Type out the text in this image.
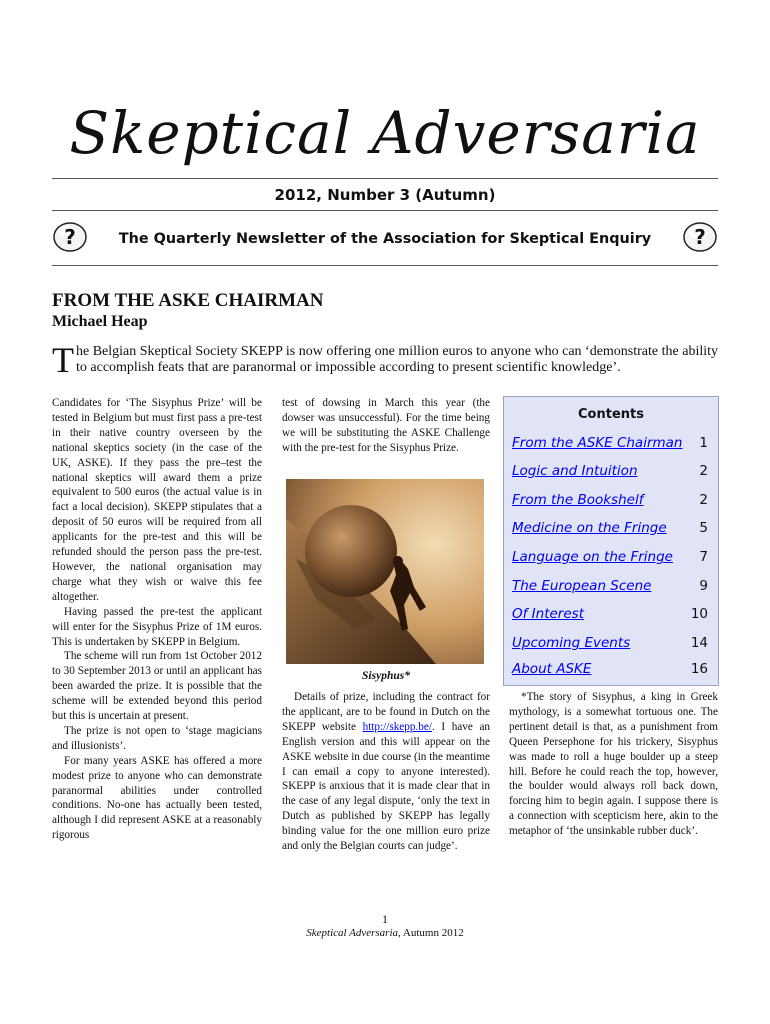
Skeptical Adversaria
2012, Number 3 (Autumn)
?	The Quarterly Newsletter of the Association for Skeptical Enquiry	?
FROM THE ASKE CHAIRMAN
Michael Heap
T he Belgian Skeptical Society SKEPP is now offering one million euros to anyone who can ‘demonstrate the ability to accomplish feats that are paranormal or impossible according to present scientific knowledge’.

Candidates for ‘The Sisyphus Prize’ will be tested in Belgium but must first pass a pre-test in their native country overseen by the national skeptics society (in the case of the UK, ASKE). If they pass the pre–test the national skeptics will award them a prize equivalent to 500 euros (the actual value is in fact a local decision). SKEPP stipulates that a deposit of 50 euros will be required from all applicants for the pre-test and this will be refunded should the person pass the pre-test. However, the national organisation may charge what they wish or waive this fee altogether.

Having passed the pre-test the applicant will enter for the Sisyphus Prize of 1M euros. This is undertaken by SKEPP in Belgium.

The scheme will run from 1st October 2012 to 30 September 2013 or until an applicant has been awarded the prize. It is possible that the scheme will be extended beyond this period but this is uncertain at present.

The prize is not open to ‘stage magicians and illusionists’.

For many years ASKE has offered a more modest prize to anyone who can demonstrate paranormal abilities under controlled conditions. No-one has actually been tested, although I did represent ASKE at a reasonably rigorous

test of dowsing in March this year (the dowser was unsuccessful). For the time being we will be substituting the ASKE Challenge with the pre-test for the Sisyphus Prize.

Sisyphus*

Details of prize, including the contract for the applicant, are to be found in Dutch on the SKEPP website http://skepp.be/. I have an English version and this will appear on the ASKE website in due course (in the meantime I can email a copy to anyone interested). SKEPP is anxious that it is made clear that in the case of any legal dispute, ‘only the text in Dutch as published by SKEPP has legally binding value for the one million euro prize and only the Belgian courts can judge’.

Contents
From the ASKE Chairman 1
Logic and Intuition	2
From the Bookshelf	2
Medicine on the Fringe 5
Language on the Fringe 7
The European Scene	9
Of Interest	10
Upcoming Events	14
About ASKE	16

*The story of Sisyphus, a king in Greek mythology, is a somewhat tortuous one. The pertinent detail is that, as a punishment from Queen Persephone for his trickery, Sisyphus was made to roll a huge boulder up a steep hill. Before he could reach the top, however, the boulder would always roll back down, forcing him to begin again. I suppose there is a connection with scepticism here, akin to the metaphor of ‘the unsinkable rubber duck’.

1
Skeptical Adversaria, Autumn 2012
